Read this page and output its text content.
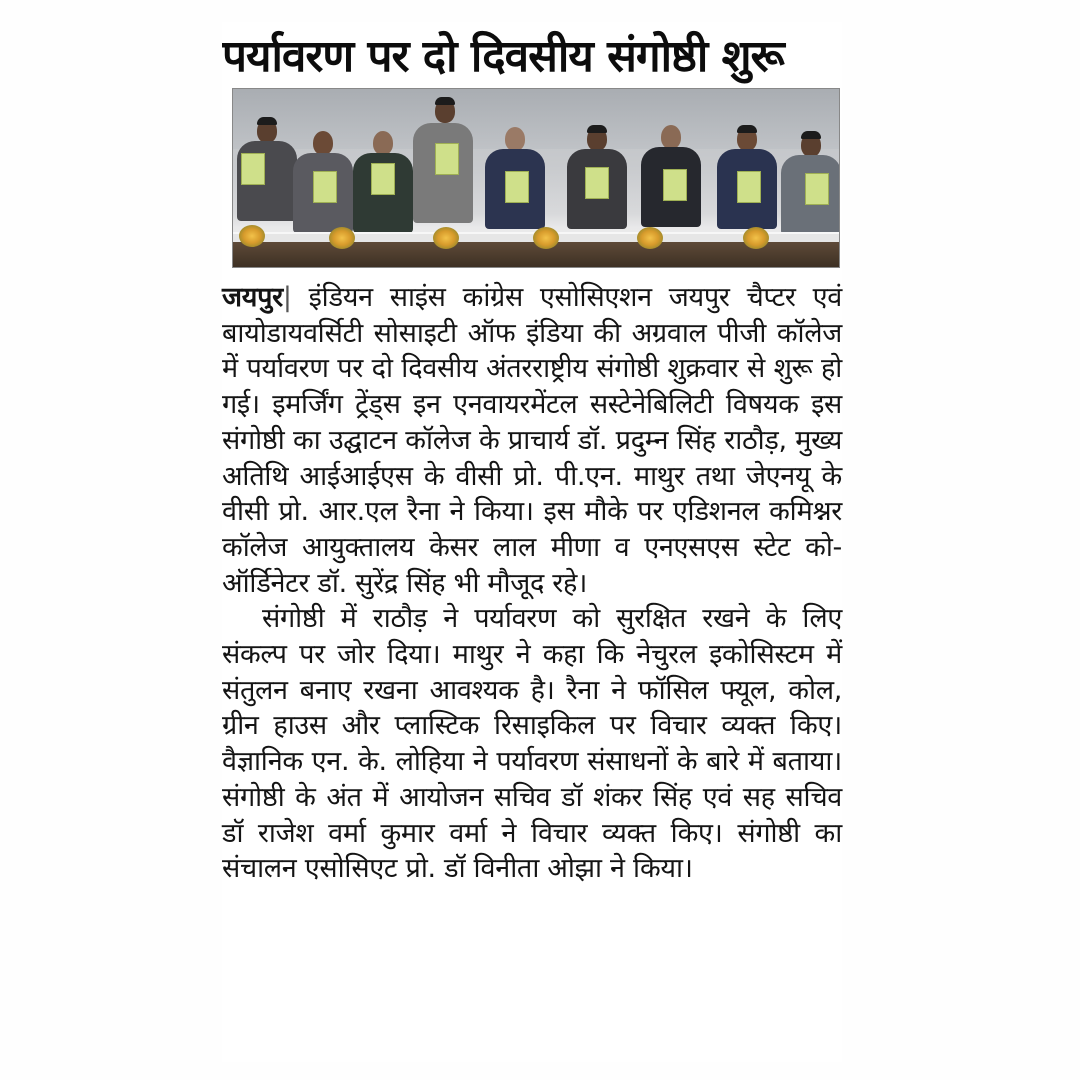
पर्यावरण पर दो दिवसीय संगोष्ठी शुरू

जयपुर| इंडियन साइंस कांग्रेस एसोसिएशन जयपुर चैप्टर एवं बायोडायवर्सिटी सोसाइटी ऑफ इंडिया की अग्रवाल पीजी कॉलेज में पर्यावरण पर दो दिवसीय अंतरराष्ट्रीय संगोष्ठी शुक्रवार से शुरू हो गई। इमर्जिंग ट्रेंड्स इन एनवायरमेंटल सस्टेनेबिलिटी विषयक इस संगोष्ठी का उद्घाटन कॉलेज के प्राचार्य डॉ. प्रदुम्न सिंह राठौड़, मुख्य अतिथि आईआईएस के वीसी प्रो. पी.एन. माथुर तथा जेएनयू के वीसी प्रो. आर.एल रैना ने किया। इस मौके पर एडिशनल कमिश्नर कॉलेज आयुक्तालय केसर लाल मीणा व एनएसएस स्टेट को-ऑर्डिनेटर डॉ. सुरेंद्र सिंह भी मौजूद रहे।

संगोष्ठी में राठौड़ ने पर्यावरण को सुरक्षित रखने के लिए संकल्प पर जोर दिया। माथुर ने कहा कि नेचुरल इकोसिस्टम में संतुलन बनाए रखना आवश्यक है। रैना ने फॉसिल फ्यूल, कोल, ग्रीन हाउस और प्लास्टिक रिसाइकिल पर विचार व्यक्त किए। वैज्ञानिक एन. के. लोहिया ने पर्यावरण संसाधनों के बारे में बताया। संगोष्ठी के अंत में आयोजन सचिव डॉ शंकर सिंह एवं सह सचिव डॉ राजेश वर्मा कुमार वर्मा ने विचार व्यक्त किए। संगोष्ठी का संचालन एसोसिएट प्रो. डॉ विनीता ओझा ने किया।
